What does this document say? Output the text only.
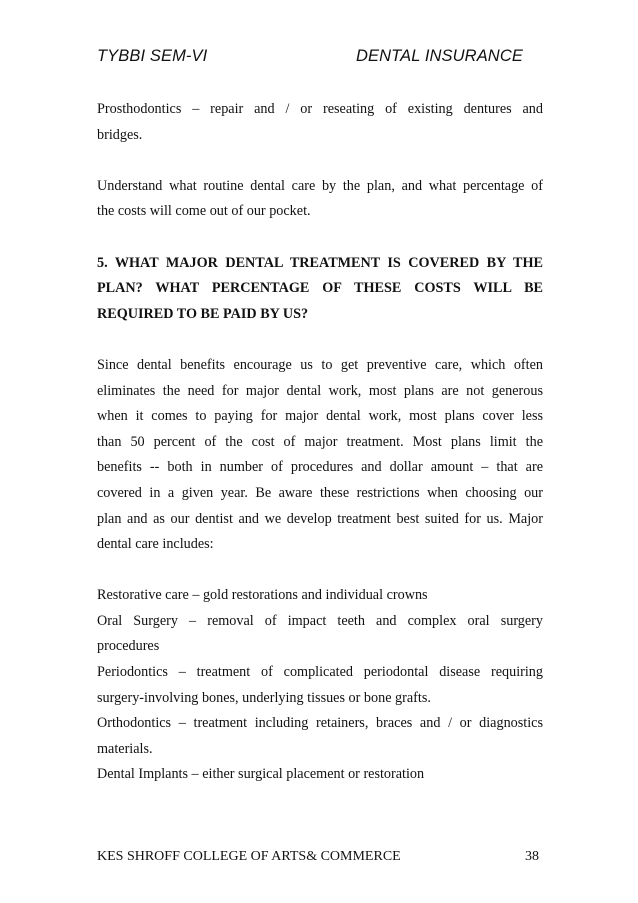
TYBBI SEM-VI	DENTAL INSURANCE

Prosthodontics – repair and / or reseating of existing dentures and
bridges.

Understand what routine dental care by the plan, and what percentage of
the costs will come out of our pocket.

5. WHAT MAJOR DENTAL TREATMENT IS COVERED BY THE
PLAN? WHAT PERCENTAGE OF THESE COSTS WILL BE
REQUIRED TO BE PAID BY US?

Since dental benefits encourage us to get preventive care, which often
eliminates the need for major dental work, most plans are not generous
when it comes to paying for major dental work, most plans cover less
than 50 percent of the cost of major treatment. Most plans limit the
benefits -- both in number of procedures and dollar amount – that are
covered in a given year. Be aware these restrictions when choosing our
plan and as our dentist and we develop treatment best suited for us. Major
dental care includes:

Restorative care – gold restorations and individual crowns

Oral Surgery – removal of impact teeth and complex oral surgery
procedures

Periodontics – treatment of complicated periodontal disease requiring
surgery-involving bones, underlying tissues or bone grafts.

Orthodontics – treatment including retainers, braces and / or diagnostics
materials.

Dental Implants – either surgical placement or restoration

KES SHROFF COLLEGE OF ARTS& COMMERCE	38
